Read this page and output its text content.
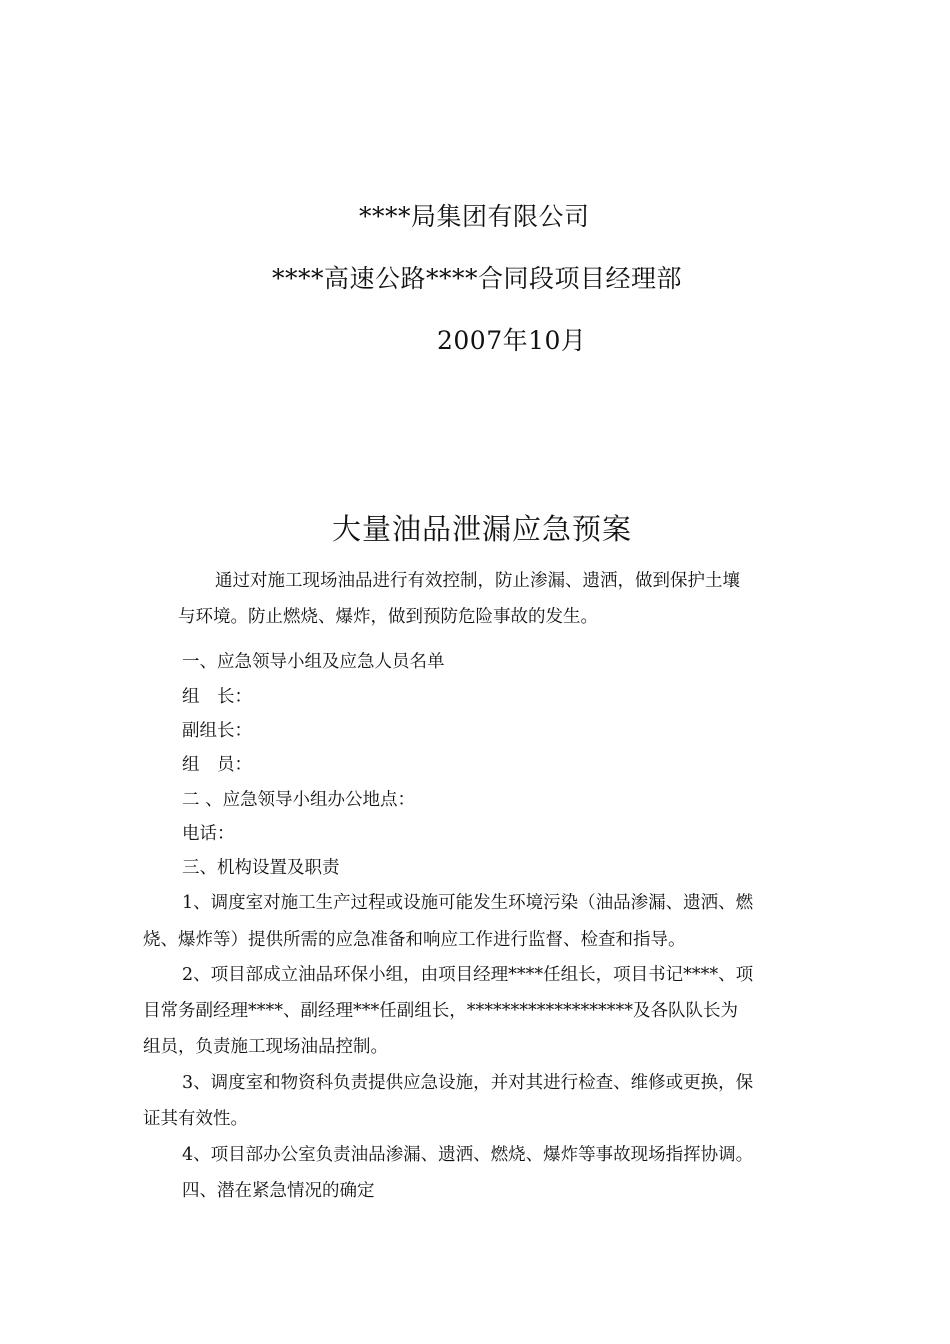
****局集团有限公司
****高速公路****合同段项目经理部
2007年10月
大量油品泄漏应急预案
通过对施工现场油品进行有效控制，防止渗漏、遗洒，做到保护土壤
与环境。防止燃烧、爆炸，做到预防危险事故的发生。
一、应急领导小组及应急人员名单
组　长：
副组长：
组　员：
二 、应急领导小组办公地点：
电话：
三、机构设置及职责
1、调度室对施工生产过程或设施可能发生环境污染（油品渗漏、遗洒、燃
烧、爆炸等）提供所需的应急准备和响应工作进行监督、检查和指导。
2、项目部成立油品环保小组，由项目经理****任组长，项目书记****、项
目常务副经理****、副经理***任副组长，*******************及各队队长为
组员，负责施工现场油品控制。
3、调度室和物资科负责提供应急设施，并对其进行检查、维修或更换，保
证其有效性。
4、项目部办公室负责油品渗漏、遗洒、燃烧、爆炸等事故现场指挥协调。
四、潜在紧急情况的确定
